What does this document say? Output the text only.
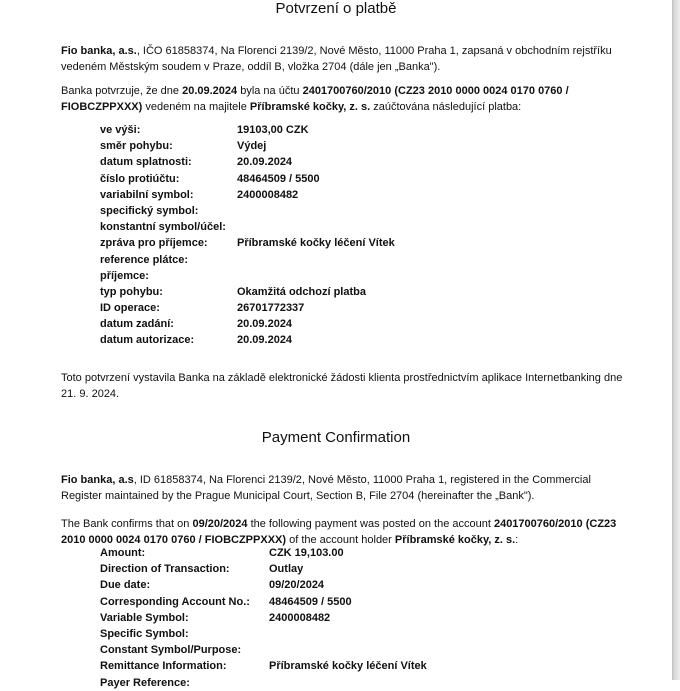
Potvrzení o platbě

Fio banka, a.s., IČO 61858374, Na Florenci 2139/2, Nové Město, 11000 Praha 1, zapsaná v obchodním rejstříku vedeném Městským soudem v Praze, oddíl B, vložka 2704 (dále jen „Banka").

Banka potvrzuje, že dne 20.09.2024 byla na účtu 2401700760/2010 (CZ23 2010 0000 0024 0170 0760 / FIOBCZPPXXX) vedeném na majitele Příbramské kočky, z. s. zaúčtována následující platba:

ve výši:	19103,00 CZK
směr pohybu:	Výdej
datum splatnosti:	20.09.2024
číslo protiúčtu:	48464509 / 5500
variabilní symbol:	2400008482
specifický symbol:
konstantní symbol/účel:
zpráva pro příjemce:	Příbramské kočky léčení Vítek
reference plátce:
příjemce:
typ pohybu:	Okamžitá odchozí platba
ID operace:	26701772337
datum zadání:	20.09.2024
datum autorizace:	20.09.2024

Toto potvrzení vystavila Banka na základě elektronické žádosti klienta prostřednictvím aplikace Internetbanking dne 21. 9. 2024.

Payment Confirmation

Fio banka, a.s, ID 61858374, Na Florenci 2139/2, Nové Město, 11000 Praha 1, registered in the Commercial Register maintained by the Prague Municipal Court, Section B, File 2704 (hereinafter the „Bank").

The Bank confirms that on 09/20/2024 the following payment was posted on the account 2401700760/2010 (CZ23 2010 0000 0024 0170 0760 / FIOBCZPPXXX) of the account holder Příbramské kočky, z. s.:

Amount:	CZK 19,103.00
Direction of Transaction:	Outlay
Due date:	09/20/2024
Corresponding Account No.: 48464509 / 5500
Variable Symbol:	2400008482
Specific Symbol:
Constant Symbol/Purpose:
Remittance Information:	Příbramské kočky léčení Vítek
Payer Reference:
